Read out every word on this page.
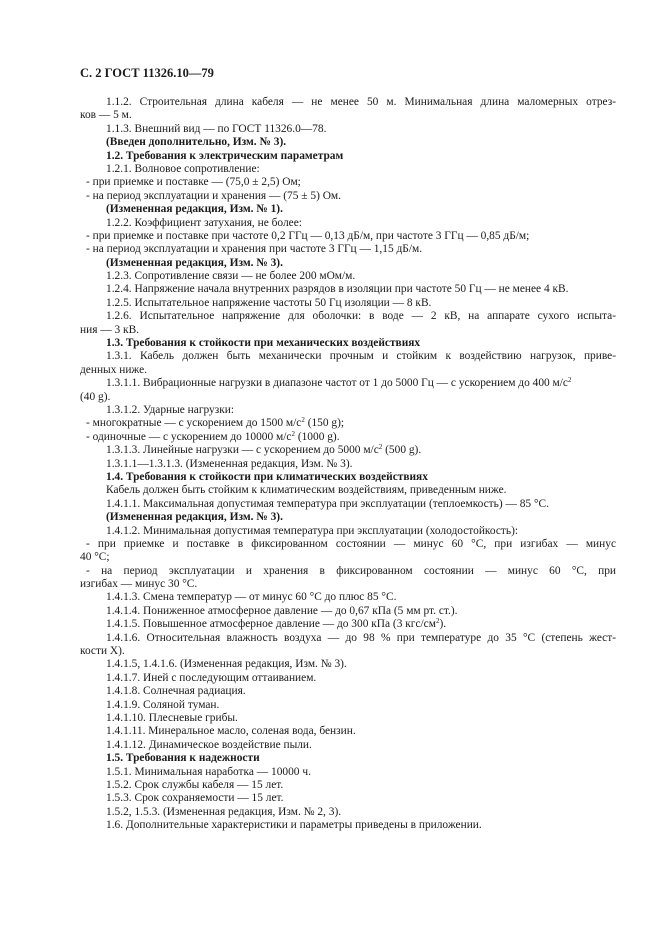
С. 2 ГОСТ 11326.10—79
1.1.2. Строительная длина кабеля — не менее 50 м. Минимальная длина маломерных отрез-
ков — 5 м.
1.1.3. Внешний вид — по ГОСТ 11326.0—78.
(Введен дополнительно, Изм. № 3).
1.2. Требования к электрическим параметрам
1.2.1. Волновое сопротивление:
- при приемке и поставке — (75,0 ± 2,5) Ом;
- на период эксплуатации и хранения — (75 ± 5) Ом.
(Измененная редакция, Изм. № 1).
1.2.2. Коэффициент затухания, не более:
- при приемке и поставке при частоте 0,2 ГГц — 0,13 дБ/м, при частоте 3 ГГц — 0,85 дБ/м;
- на период эксплуатации и хранения при частоте 3 ГГц — 1,15 дБ/м.
(Измененная редакция, Изм. № 3).
1.2.3. Сопротивление связи — не более 200 мОм/м.
1.2.4. Напряжение начала внутренних разрядов в изоляции при частоте 50 Гц — не менее 4 кВ.
1.2.5. Испытательное напряжение частоты 50 Гц изоляции — 8 кВ.
1.2.6. Испытательное напряжение для оболочки: в воде — 2 кВ, на аппарате сухого испыта-
ния — 3 кВ.
1.3. Требования к стойкости при механических воздействиях
1.3.1. Кабель должен быть механически прочным и стойким к воздействию нагрузок, приве-
денных ниже.
1.3.1.1. Вибрационные нагрузки в диапазоне частот от 1 до 5000 Гц — с ускорением до 400 $м/с^2$
(40 g).
1.3.1.2. Ударные нагрузки:
- многократные — с ускорением до 1500 $м/с^2$ (150 g);
- одиночные — с ускорением до 10000 $м/с^2$ (1000 g).
1.3.1.3. Линейные нагрузки — с ускорением до 5000 $м/с^2$ (500 g).
1.3.1.1—1.3.1.3. (Измененная редакция, Изм. № 3).
1.4. Требования к стойкости при климатических воздействиях
Кабель должен быть стойким к климатическим воздействиям, приведенным ниже.
1.4.1.1. Максимальная допустимая температура при эксплуатации (теплоемкость) — 85 °С.
(Измененная редакция, Изм. № 3).
1.4.1.2. Минимальная допустимая температура при эксплуатации (холодостойкость):
- при приемке и поставке в фиксированном состоянии — минус 60 °С, при изгибах — минус
40 °С;
- на период эксплуатации и хранения в фиксированном состоянии — минус 60 °С, при
изгибах — минус 30 °С.
1.4.1.3. Смена температур — от минус 60 °С до плюс 85 °С.
1.4.1.4. Пониженное атмосферное давление — до 0,67 кПа (5 мм рт. ст.).
1.4.1.5. Повышенное атмосферное давление — до 300 кПа (3 кгс/$см^2$).
1.4.1.6. Относительная влажность воздуха — до 98 % при температуре до 35 °С (степень жест-
кости X).
1.4.1.5, 1.4.1.6. (Измененная редакция, Изм. № 3).
1.4.1.7. Иней с последующим оттаиванием.
1.4.1.8. Солнечная радиация.
1.4.1.9. Соляной туман.
1.4.1.10. Плесневые грибы.
1.4.1.11. Минеральное масло, соленая вода, бензин.
1.4.1.12. Динамическое воздействие пыли.
1.5. Требования к надежности
1.5.1. Минимальная наработка — 10000 ч.
1.5.2. Срок службы кабеля — 15 лет.
1.5.3. Срок сохраняемости — 15 лет.
1.5.2, 1.5.3. (Измененная редакция, Изм. № 2, 3).
1.6. Дополнительные характеристики и параметры приведены в приложении.
